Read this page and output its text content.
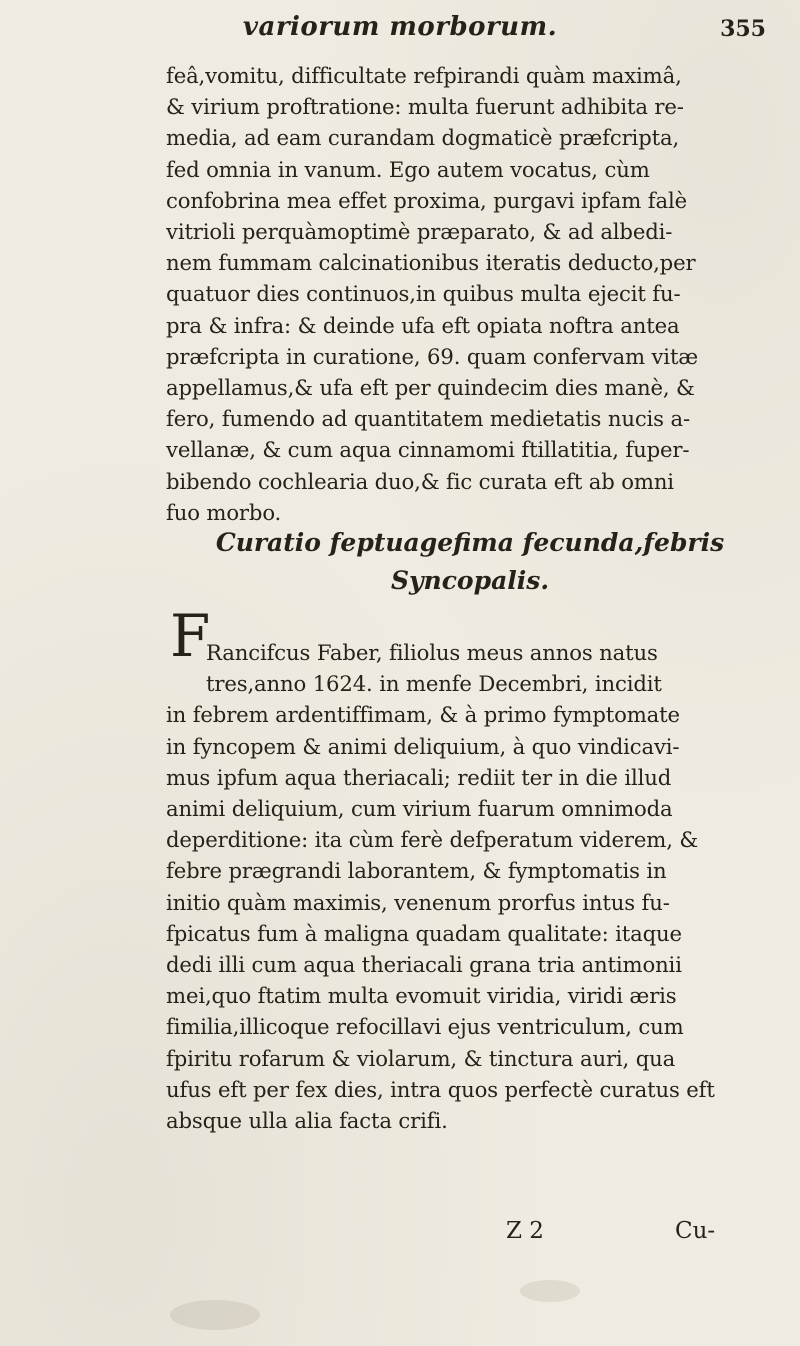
variorum morborum.	355
feâ,vomitu, difficultate refpirandi quàm maximâ,
& virium proftratione: multa fuerunt adhibita re-
media, ad eam curandam dogmaticè præfcripta,
fed omnia in vanum. Ego autem vocatus, cùm
confobrina mea effet proxima, purgavi ipfam falè
vitrioli perquàmoptimè præparato, & ad albedi-
nem fummam calcinationibus iteratis deducto,per
quatuor dies continuos,in quibus multa ejecit fu-
pra & infra: & deinde ufa eft opiata noftra antea
præfcripta in curatione, 69. quam confervam vitæ
appellamus,& ufa eft per quindecim dies manè, &
fero, fumendo ad quantitatem medietatis nucis a-
vellanæ, & cum aqua cinnamomi ftillatitia, fuper-
bibendo cochlearia duo,& fic curata eft ab omni
fuo morbo.
Curatio feptuagefima fecunda,febris
Syncopalis.
F
Rancifcus Faber, filiolus meus annos natus
tres,anno 1624. in menfe Decembri, incidit
in febrem ardentiffimam, & à primo fymptomate
in fyncopem & animi deliquium, à quo vindicavi-
mus ipfum aqua theriacali; rediit ter in die illud
animi deliquium, cum virium fuarum omnimoda
deperditione: ita cùm ferè defperatum viderem, &
febre prægrandi laborantem, & fymptomatis in
initio quàm maximis, venenum prorfus intus fu-
fpicatus fum à maligna quadam qualitate: itaque
dedi illi cum aqua theriacali grana tria antimonii
mei,quo ftatim multa evomuit viridia, viridi æris
fimilia,illicoque refocillavi ejus ventriculum, cum
fpiritu rofarum & violarum, & tinctura auri, qua
ufus eft per fex dies, intra quos perfectè curatus eft
absque ulla alia facta crifi.
Z 2	Cu-
